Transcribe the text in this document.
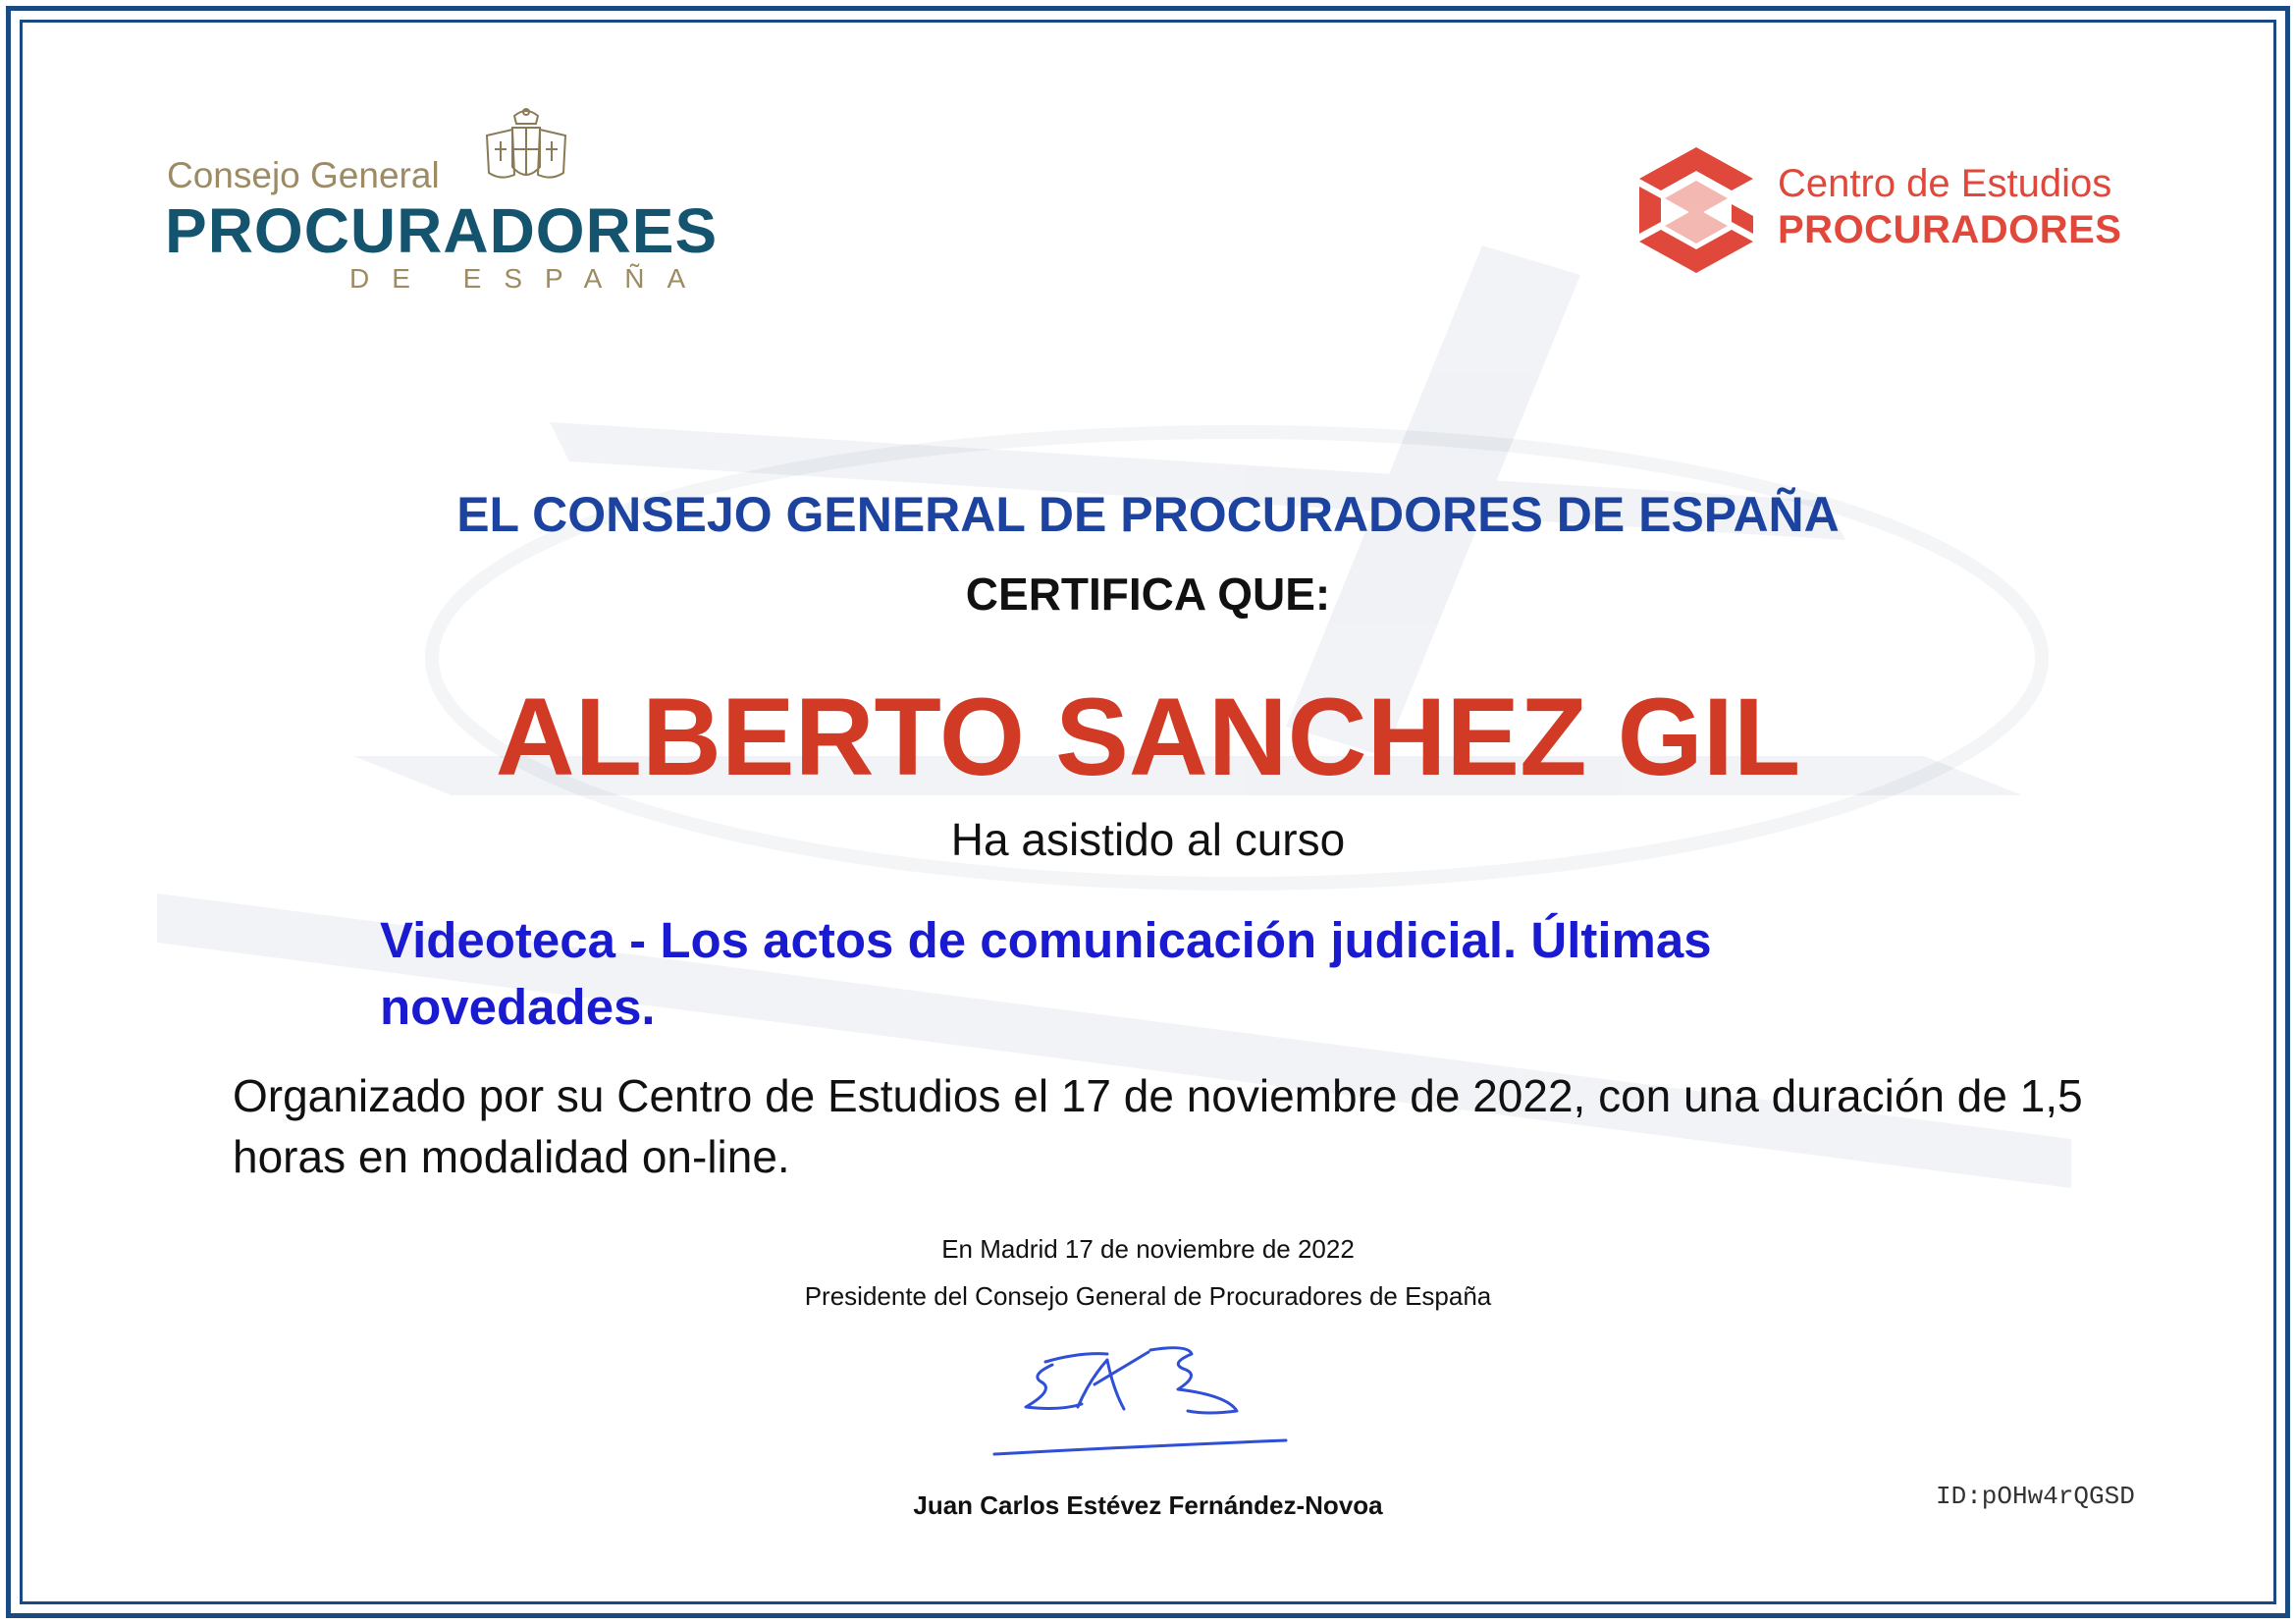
Consejo General
PROCURADORES
DE ESPAÑA
Centro de Estudios
PROCURADORES
EL CONSEJO GENERAL DE PROCURADORES DE ESPAÑA
CERTIFICA QUE:
ALBERTO SANCHEZ GIL
Ha asistido al curso
Videoteca - Los actos de comunicación judicial. Últimas novedades.
Organizado por su Centro de Estudios el 17 de noviembre de 2022, con una duración de 1,5 horas en modalidad on-line.
En Madrid 17 de noviembre de 2022
Presidente del Consejo General de Procuradores de España
Juan Carlos Estévez Fernández-Novoa	ID:pOHw4rQGSD
